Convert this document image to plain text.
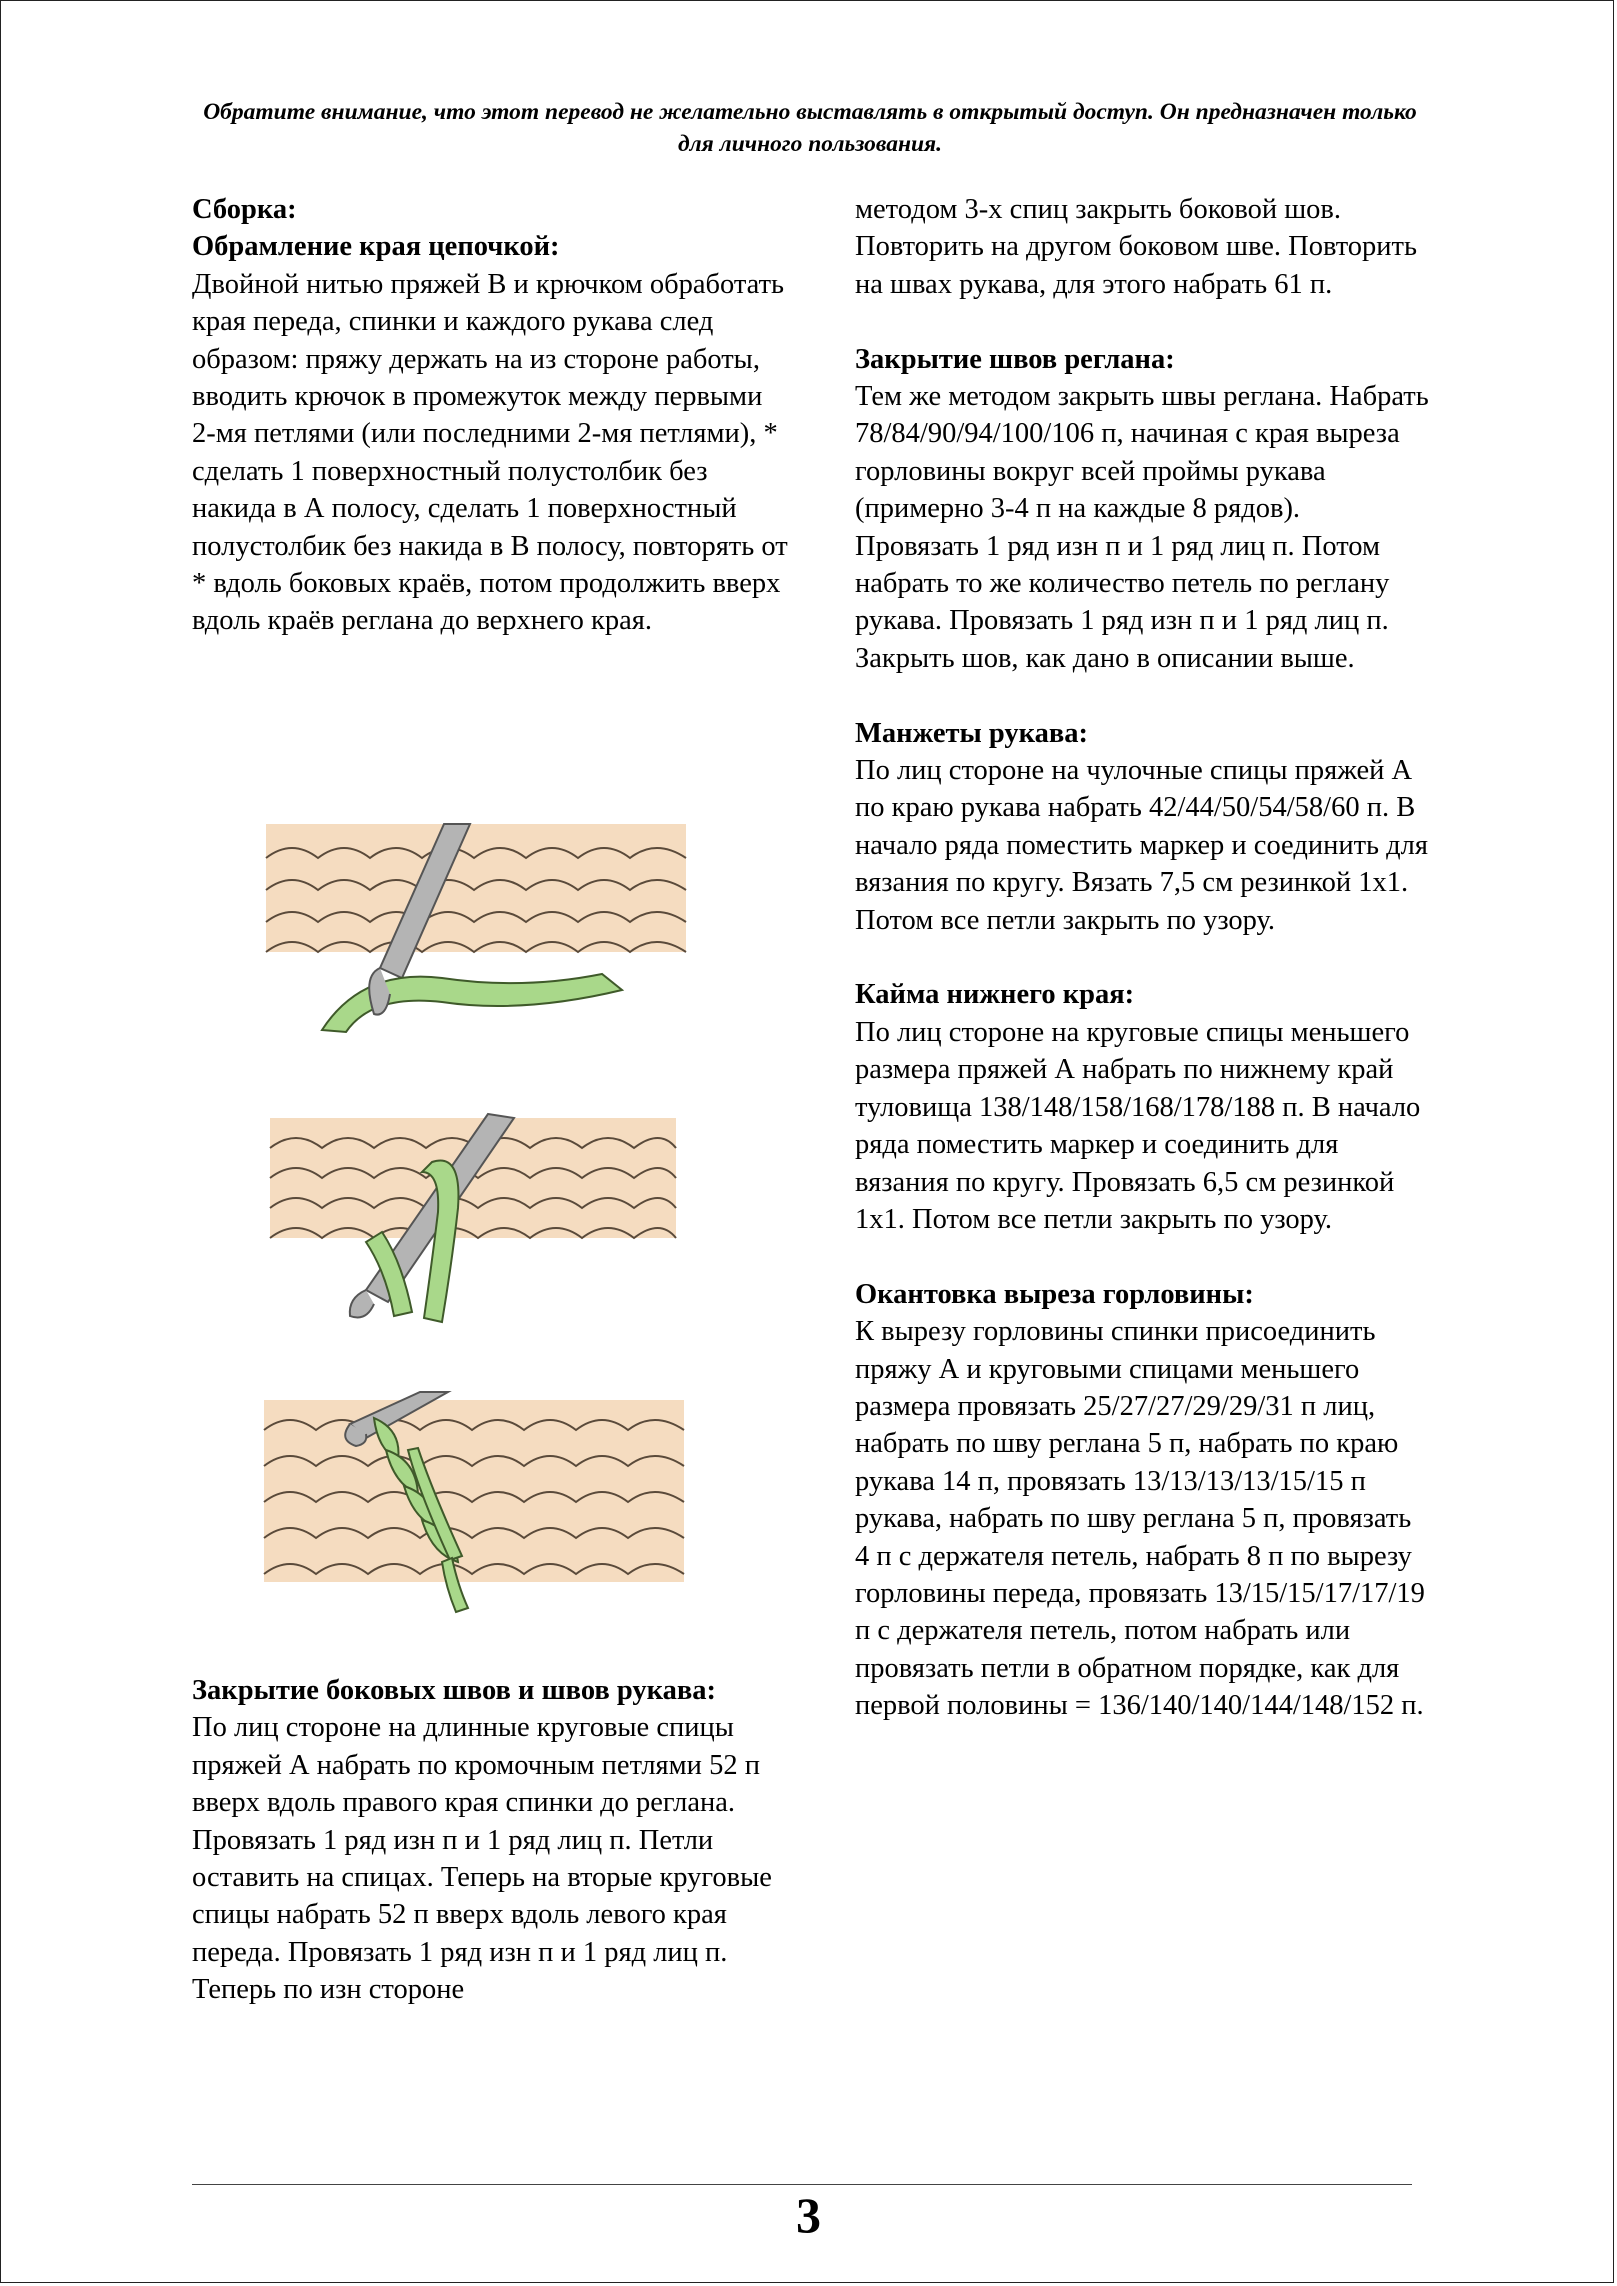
Обратите внимание, что этот перевод не желательно выставлять в открытый доступ. Он предназначен только для личного пользования.

Сборка:

Обрамление края цепочкой:

Двойной нитью пряжей В и крючком обработать края переда, спинки и каждого рукава след образом: пряжу держать на из стороне работы, вводить крючок в промежуток между первыми 2-мя петлями (или последними 2-мя петлями), * сделать 1 поверхностный полустолбик без накида в А полосу, сделать 1 поверхностный полустолбик без накида в В полосу, повторять от * вдоль боковых краёв, потом продолжить вверх вдоль краёв реглана до верхнего края.

Закрытие боковых швов и швов рукава:

По лиц стороне на длинные круговые спицы пряжей А набрать по кромочным петлями 52 п вверх вдоль правого края спинки до реглана. Провязать 1 ряд изн п и 1 ряд лиц п. Петли оставить на спицах. Теперь на вторые круговые спицы набрать 52 п вверх вдоль левого края переда. Провязать 1 ряд изн п и 1 ряд лиц п. Теперь по изн стороне

методом 3-х спиц закрыть боковой шов. Повторить на другом боковом шве. Повторить на швах рукава, для этого набрать 61 п.

Закрытие швов реглана:

Тем же методом закрыть швы реглана. Набрать 78/84/90/94/100/106 п, начиная с края выреза горловины вокруг всей проймы рукава (примерно 3-4 п на каждые 8 рядов). Провязать 1 ряд изн п и 1 ряд лиц п. Потом набрать то же количество петель по реглану рукава. Провязать 1 ряд изн п и 1 ряд лиц п. Закрыть шов, как дано в описании выше.

Манжеты рукава:

По лиц стороне на чулочные спицы пряжей А по краю рукава набрать 42/44/50/54/58/60 п. В начало ряда поместить маркер и соединить для вязания по кругу. Вязать 7,5 см резинкой 1х1. Потом все петли закрыть по узору.

Кайма нижнего края:

По лиц стороне на круговые спицы меньшего размера пряжей А набрать по нижнему край туловища 138/148/158/168/178/188 п. В начало ряда поместить маркер и соединить для вязания по кругу. Провязать 6,5 см резинкой 1х1. Потом все петли закрыть по узору.

Окантовка выреза горловины:

К вырезу горловины спинки присоединить пряжу А и круговыми спицами меньшего размера провязать 25/27/27/29/29/31 п лиц, набрать по шву реглана 5 п, набрать по краю рукава 14 п, провязать 13/13/13/13/15/15 п рукава, набрать по шву реглана 5 п, провязать 4 п с держателя петель, набрать 8 п по вырезу горловины переда, провязать 13/15/15/17/17/19 п с держателя петель, потом набрать или провязать петли в обратном порядке, как для первой половины = 136/140/140/144/148/152 п.

3
